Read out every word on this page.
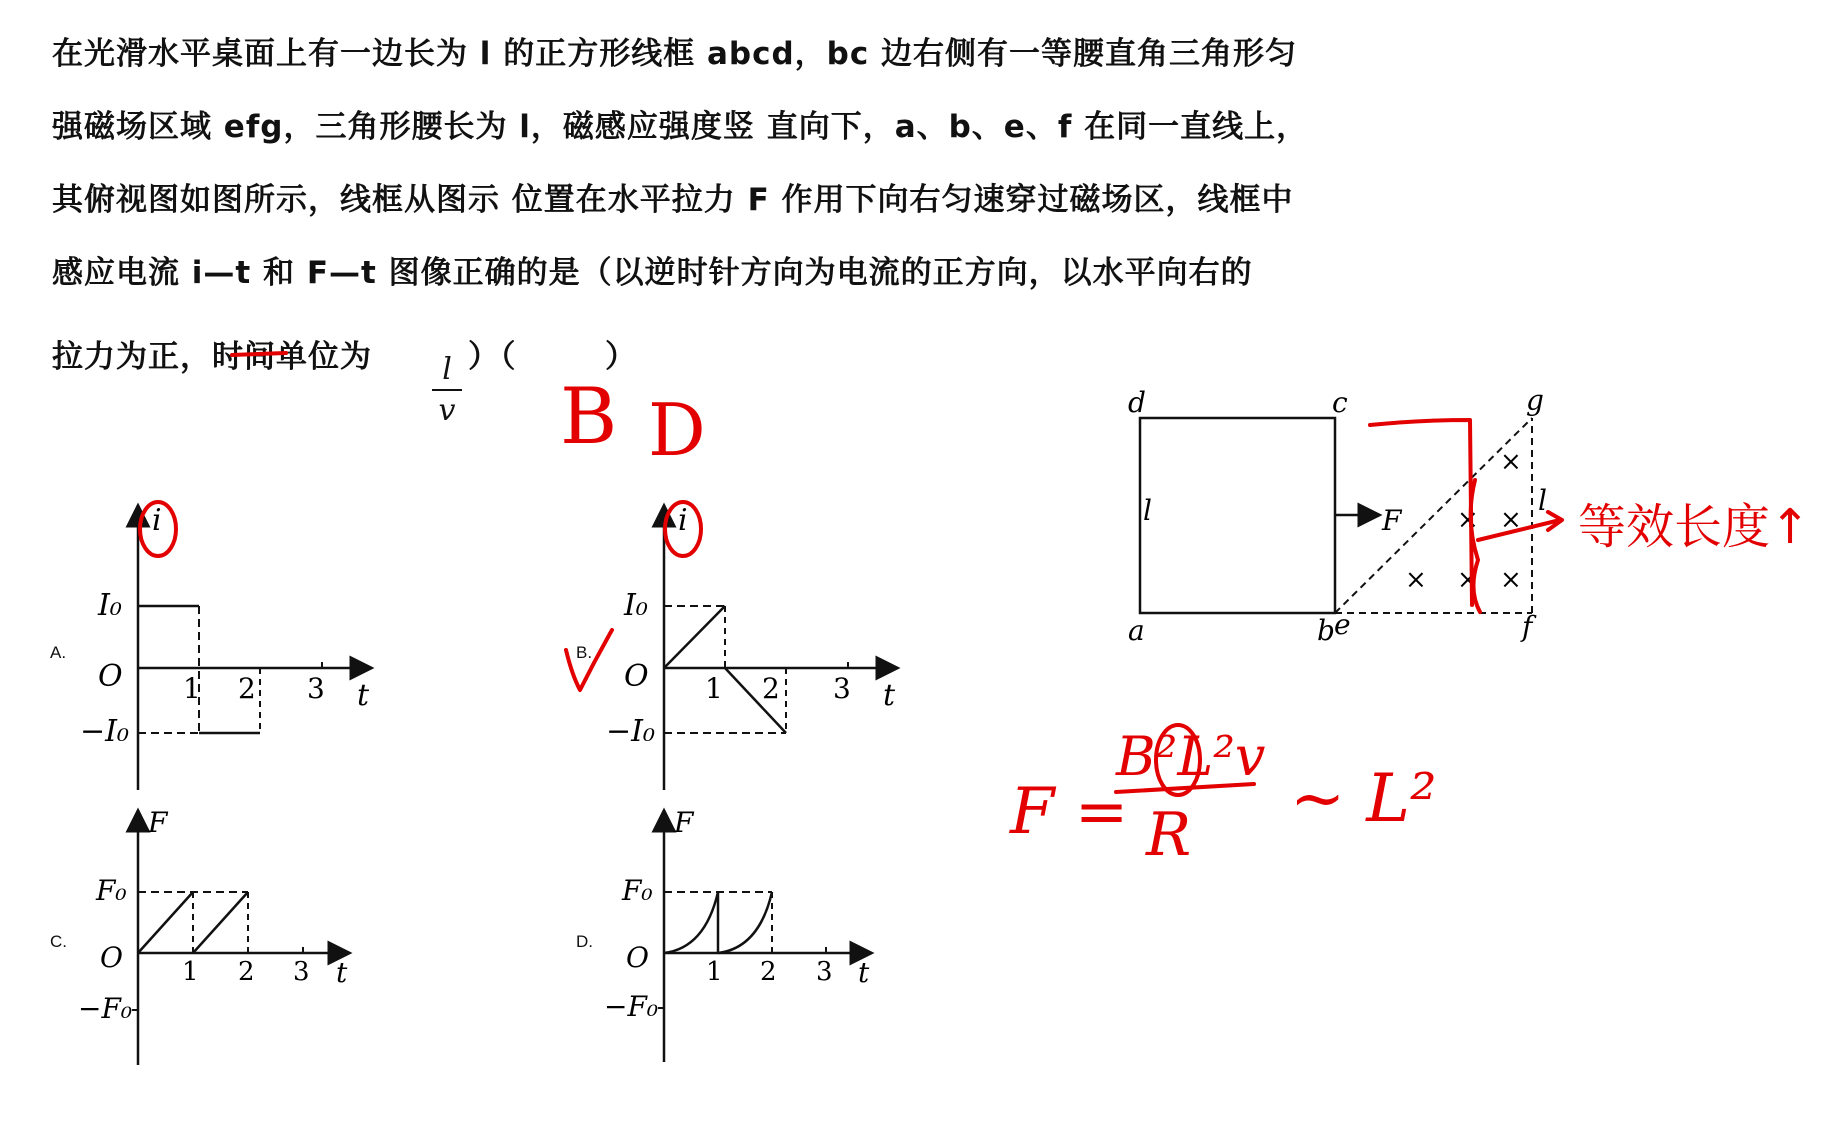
在光滑水平桌面上有一边长为 l 的正方形线框 abcd，bc 边右侧有一等腰直角三角形匀
强磁场区域 efg，三角形腰长为 l，磁感应强度竖 直向下，a、b、e、f 在同一直线上，
其俯视图如图所示，线框从图示 位置在水平拉力 F 作用下向右匀速穿过磁场区，线框中
感应电流 i—t 和 F—t 图像正确的是（以逆时针方向为电流的正方向，以水平向右的
拉力为正，时间单位为	l
v
）（	）
A.	B.
C.	D.
i
t
I₀
−I₀
O 1 2 3
i
t
I₀
−I₀
O 1 2 3
F
t
F₀
−F₀
O 1 2 3
F
t
F₀
−F₀
O 1 2 3
F
d	c	g
a	b e	f
l	l
×
× ×
× × ×
B D
等效长度↑
F =
B²L²v
R ~ L²
